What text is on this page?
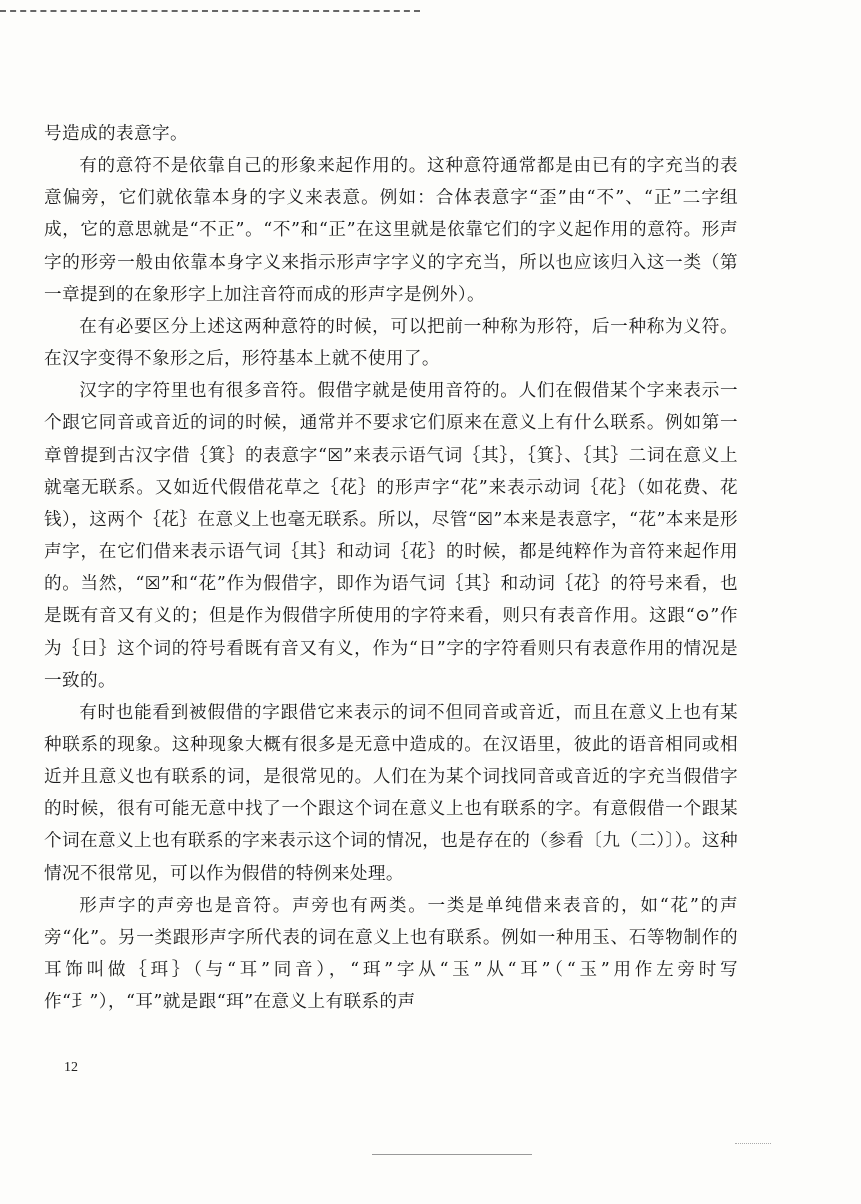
号造成的表意字。

有的意符不是依靠自己的形象来起作用的。这种意符通常都是由已有的字充当的表意偏旁，它们就依靠本身的字义来表意。例如：合体表意字“歪”由“不”、“正”二字组成，它的意思就是“不正”。“不”和“正”在这里就是依靠它们的字义起作用的意符。形声字的形旁一般由依靠本身字义来指示形声字字义的字充当，所以也应该归入这一类（第一章提到的在象形字上加注音符而成的形声字是例外）。

在有必要区分上述这两种意符的时候，可以把前一种称为形符，后一种称为义符。在汉字变得不象形之后，形符基本上就不使用了。

汉字的字符里也有很多音符。假借字就是使用音符的。人们在假借某个字来表示一个跟它同音或音近的词的时候，通常并不要求它们原来在意义上有什么联系。例如第一章曾提到古汉字借｛箕｝的表意字“☒”来表示语气词｛其｝，｛箕｝、｛其｝二词在意义上就毫无联系。又如近代假借花草之｛花｝的形声字“花”来表示动词｛花｝（如花费、花钱），这两个｛花｝在意义上也毫无联系。所以，尽管“☒”本来是表意字，“花”本来是形声字，在它们借来表示语气词｛其｝和动词｛花｝的时候，都是纯粹作为音符来起作用的。当然，“☒”和“花”作为假借字，即作为语气词｛其｝和动词｛花｝的符号来看，也是既有音又有义的；但是作为假借字所使用的字符来看，则只有表音作用。这跟“⊙”作为｛日｝这个词的符号看既有音又有义，作为“日”字的字符看则只有表意作用的情况是一致的。

有时也能看到被假借的字跟借它来表示的词不但同音或音近，而且在意义上也有某种联系的现象。这种现象大概有很多是无意中造成的。在汉语里，彼此的语音相同或相近并且意义也有联系的词，是很常见的。人们在为某个词找同音或音近的字充当假借字的时候，很有可能无意中找了一个跟这个词在意义上也有联系的字。有意假借一个跟某个词在意义上也有联系的字来表示这个词的情况，也是存在的（参看〔九（二）〕）。这种情况不很常见，可以作为假借的特例来处理。

形声字的声旁也是音符。声旁也有两类。一类是单纯借来表音的，如“花”的声旁“化”。另一类跟形声字所代表的词在意义上也有联系。例如一种用玉、石等物制作的耳饰叫做｛珥｝（与“耳”同音），“珥”字从“玉”从“耳”（“玉”用作左旁时写作“𤣩”），“耳”就是跟“珥”在意义上有联系的声

12
